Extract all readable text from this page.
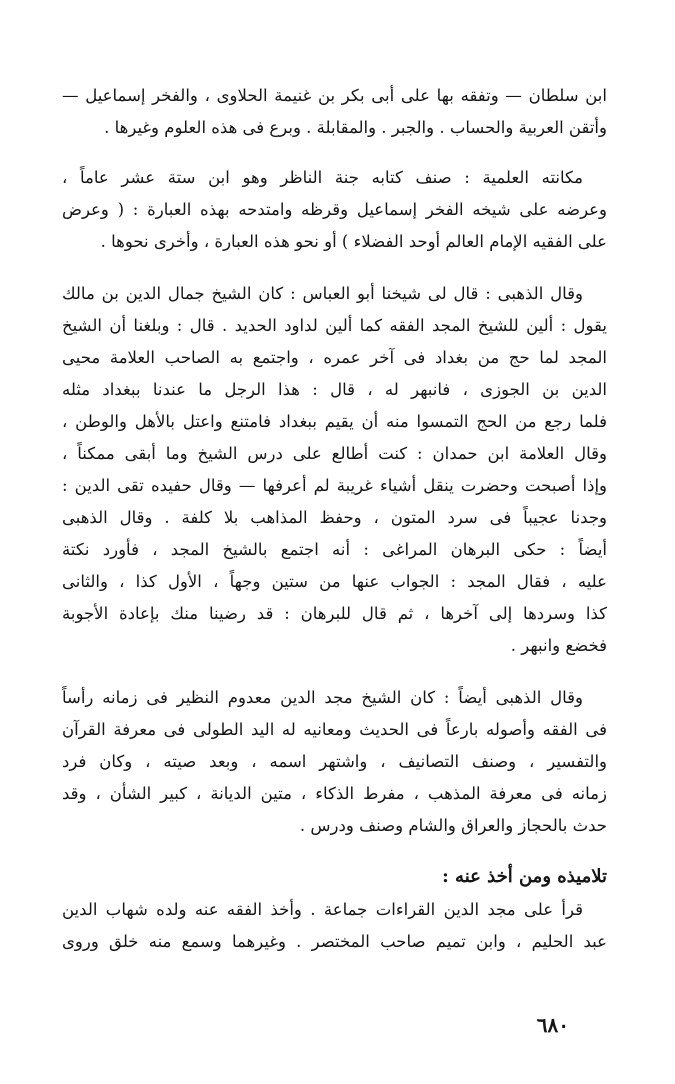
ابن سلطان — وتفقه بها على أبى بكر بن غنيمة الحلاوى ، والفخر إسماعيل —
وأتقن العربية والحساب . والجبر . والمقابلة . وبرع فى هذه العلوم وغيرها .
مكانته العلمية : صنف كتابه جنة الناظر وهو ابن ستة عشر عاماً ،
وعرضه على شيخه الفخر إسماعيل وقرظه وامتدحه بهذه العبارة : ( وعرض
على الفقيه الإمام العالم أوحد الفضلاء ) أو نحو هذه العبارة ، وأخرى نحوها .
وقال الذهبى : قال لى شيخنا أبو العباس : كان الشيخ جمال الدين بن مالك
يقول : ألين للشيخ المجد الفقه كما ألين لداود الحديد . قال : وبلغنا أن الشيخ
المجد لما حج من بغداد فى آخر عمره ، واجتمع به الصاحب العلامة محيى
الدين بن الجوزى ، فانبهر له ، قال : هذا الرجل ما عندنا ببغداد مثله
فلما رجع من الحج التمسوا منه أن يقيم ببغداد فامتنع واعتل بالأهل والوطن ،
وقال العلامة ابن حمدان : كنت أطالع على درس الشيخ وما أبقى ممكناً ،
وإذا أصبحت وحضرت ينقل أشياء غريبة لم أعرفها — وقال حفيده تقى الدين :
وجدنا عجيباً فى سرد المتون ، وحفظ المذاهب بلا كلفة . وقال الذهبى
أيضاً : حكى البرهان المراغى : أنه اجتمع بالشيخ المجد ، فأورد نكتة
عليه ، فقال المجد : الجواب عنها من ستين وجهاً ، الأول كذا ، والثانى
كذا وسردها إلى آخرها ، ثم قال للبرهان : قد رضينا منك بإعادة الأجوبة
فخضع وانبهر .
وقال الذهبى أيضاً : كان الشيخ مجد الدين معدوم النظير فى زمانه رأساً
فى الفقه وأصوله بارعاً فى الحديث ومعانيه له اليد الطولى فى معرفة القرآن
والتفسير ، وصنف التصانيف ، واشتهر اسمه ، وبعد صيته ، وكان فرد
زمانه فى معرفة المذهب ، مفرط الذكاء ، متين الديانة ، كبير الشأن ، وقد
حدث بالحجاز والعراق والشام وصنف ودرس .
تلاميذه ومن أخذ عنه :
قرأ على مجد الدين القراءات جماعة . وأخذ الفقه عنه ولده شهاب الدين
عبد الحليم ، وابن تميم صاحب المختصر . وغيرهما وسمع منه خلق وروى
٦٨٠
